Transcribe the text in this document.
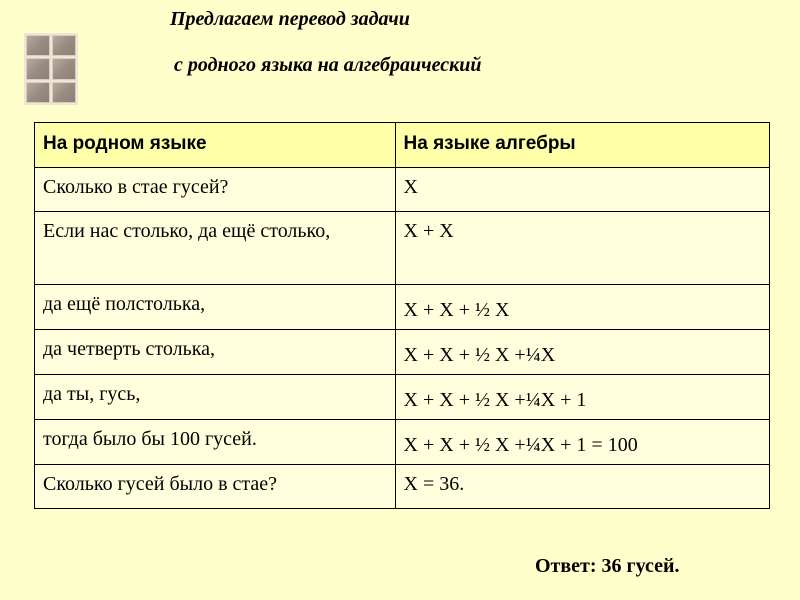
Предлагаем перевод задачи
с родного языка на алгебраический
На родном языке	На языке алгебры
Сколько в стае гусей?	X
Если нас столько, да ещё столько,	X + X
да ещё полстолька,	X + X + ½ X
да четверть столька,	X + X + ½ X +¼X
да ты, гусь,	X + X + ½ X +¼X + 1
тогда было бы 100 гусей.	X + X + ½ X +¼X + 1 = 100
Сколько гусей было в стае?	X = 36.
Ответ: 36 гусей.
